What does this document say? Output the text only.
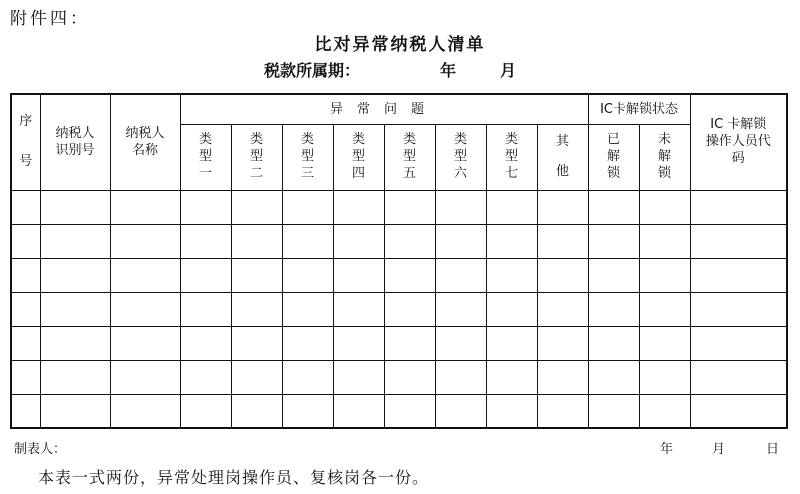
附件四：
比对异常纳税人清单
税款所属期：	年	月
序号	纳税人识别号	纳税人名称	异常问题								IC卡解锁状态		IC 卡解锁操作人员代码
			类型一	类型二	类型三	类型四	类型五	类型六	类型七	其他	已解锁	未解锁	

制表人：	年	月	日
本表一式两份，异常处理岗操作员、复核岗各一份。
